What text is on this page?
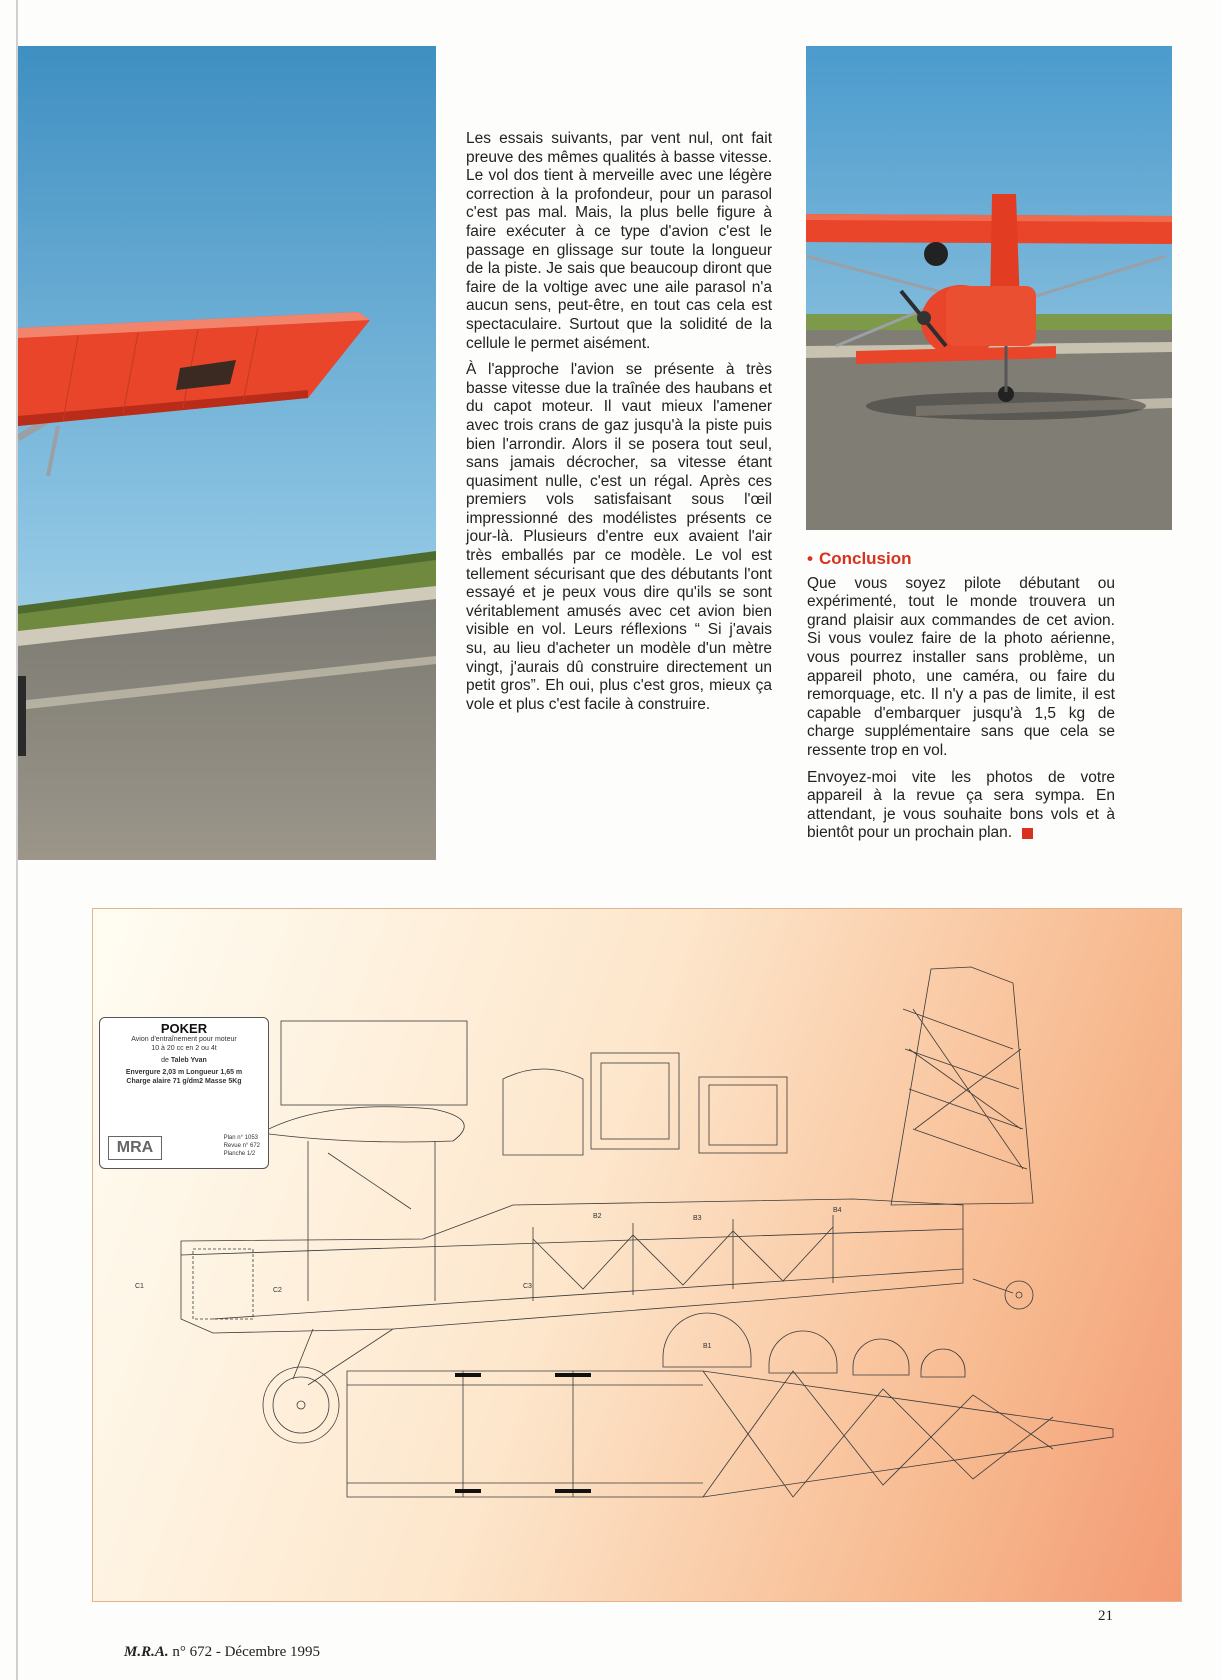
Les essais suivants, par vent nul, ont fait preuve des mêmes qualités à basse vitesse. Le vol dos tient à merveille avec une légère correction à la profondeur, pour un parasol c'est pas mal. Mais, la plus belle figure à faire exécuter à ce type d'avion c'est le passage en glissage sur toute la longueur de la piste. Je sais que beaucoup diront que faire de la voltige avec une aile parasol n'a aucun sens, peut-être, en tout cas cela est spectaculaire. Surtout que la solidité de la cellule le permet aisément.

À l'approche l'avion se présente à très basse vitesse due la traînée des haubans et du capot moteur. Il vaut mieux l'amener avec trois crans de gaz jusqu'à la piste puis bien l'arrondir. Alors il se posera tout seul, sans jamais décrocher, sa vitesse étant quasiment nulle, c'est un régal. Après ces premiers vols satisfaisant sous l'œil impressionné des modélistes présents ce jour-là. Plusieurs d'entre eux avaient l'air très emballés par ce modèle. Le vol est tellement sécurisant que des débutants l'ont essayé et je peux vous dire qu'ils se sont véritablement amusés avec cet avion bien visible en vol. Leurs réflexions “ Si j'avais su, au lieu d'acheter un modèle d'un mètre vingt, j'aurais dû construire directement un petit gros”. Eh oui, plus c'est gros, mieux ça vole et plus c'est facile à construire.

• Conclusion

Que vous soyez pilote débutant ou expérimenté, tout le monde trouvera un grand plaisir aux commandes de cet avion. Si vous voulez faire de la photo aérienne, vous pourrez installer sans problème, un appareil photo, une caméra, ou faire du remorquage, etc. Il n'y a pas de limite, il est capable d'embarquer jusqu'à 1,5 kg de charge supplémentaire sans que cela se ressente trop en vol.

Envoyez-moi vite les photos de votre appareil à la revue ça sera sympa. En attendant, je vous souhaite bons vols et à bientôt pour un prochain plan.

C1
C2
C3
B2	B3
B4
B1
POKER
Avion d'entraînement pour moteur
10 à 20 cc en 2 ou 4t
de Taleb Yvan
Envergure 2,03 m Longueur 1,65 m
Charge alaire 71 g/dm2 Masse 5Kg
MRA
Plan n° 1053
Revue n° 672
Planche 1/2
M.R.A. n° 672 - Décembre 1995
21
